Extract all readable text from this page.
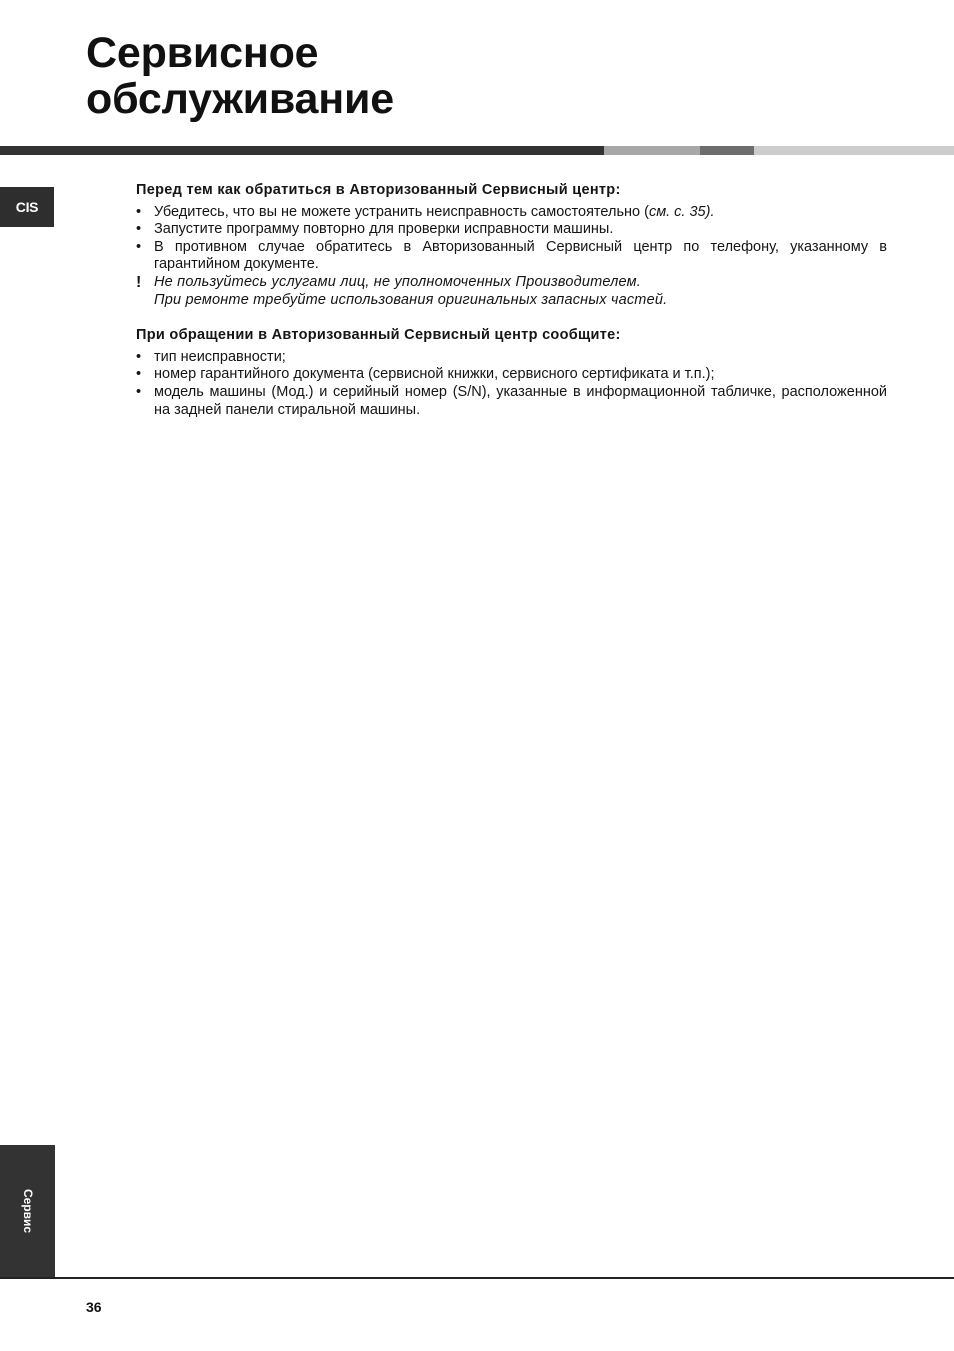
Сервисное
обслуживание
CIS

Перед тем как обратиться в Авторизованный Сервисный центр:

• Убедитесь, что вы не можете устранить неисправность самостоятельно (см. с. 35).
• Запустите программу повторно для проверки исправности машины.
• В противном случае обратитесь в Авторизованный Сервисный центр по телефону, указанному в гарантийном документе.
! Не пользуйтесь услугами лиц, не уполномоченных Производителем.
При ремонте требуйте использования оригинальных запасных частей.

При обращении в Авторизованный Сервисный центр сообщите:

• тип неисправности;
• номер гарантийного документа (сервисной книжки, сервисного сертификата и т.п.);
• модель машины (Мод.) и серийный номер (S/N), указанные в информационной табличке, расположенной на задней панели стиральной машины.
Сервис
36
